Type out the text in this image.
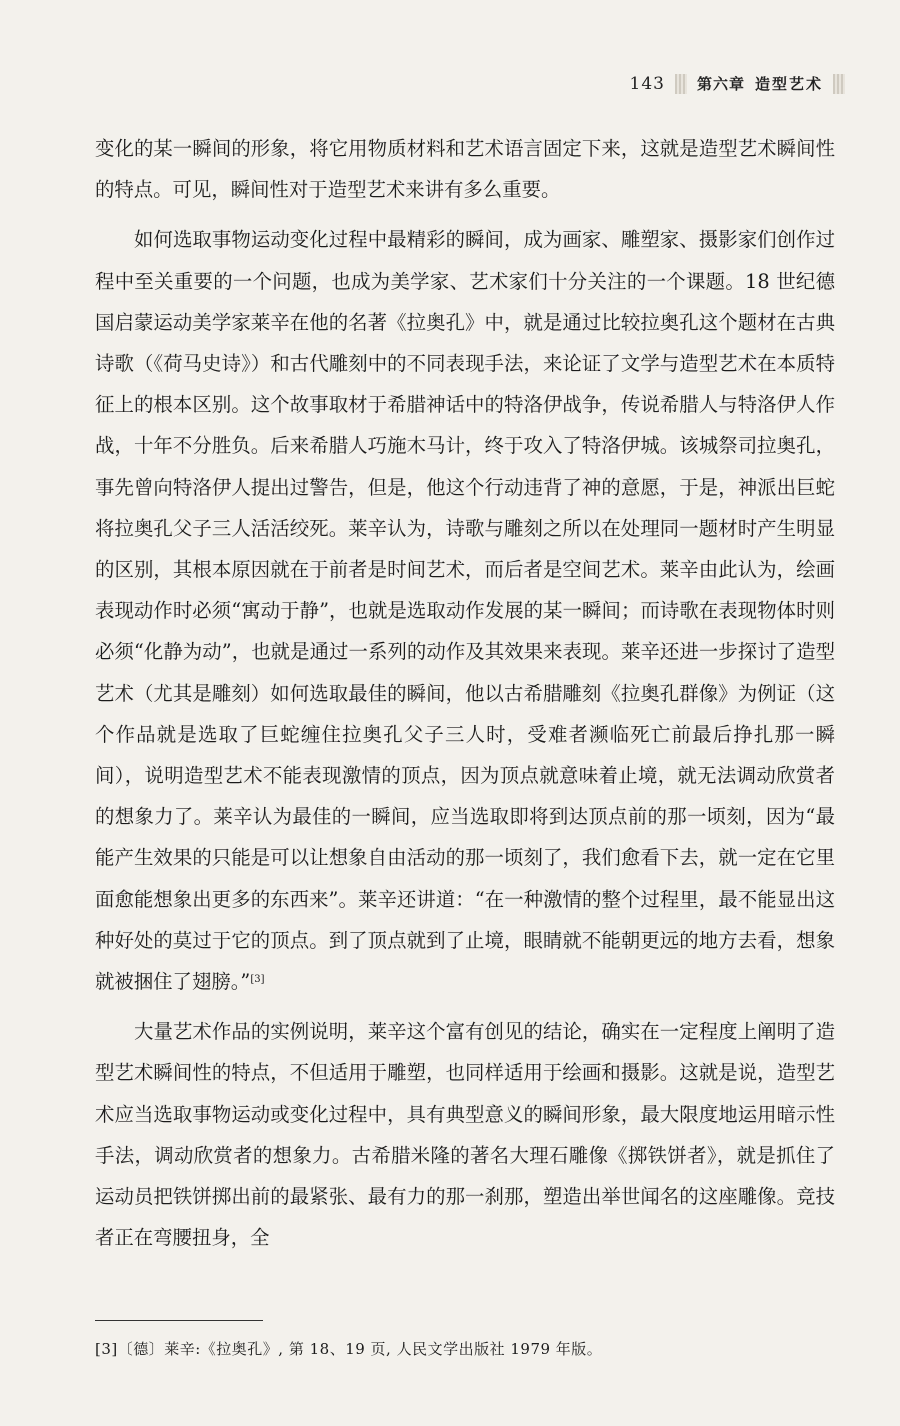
143 第六章 造型艺术

变化的某一瞬间的形象，将它用物质材料和艺术语言固定下来，这就是造型艺术瞬间性的特点。可见，瞬间性对于造型艺术来讲有多么重要。

如何选取事物运动变化过程中最精彩的瞬间，成为画家、雕塑家、摄影家们创作过程中至关重要的一个问题，也成为美学家、艺术家们十分关注的一个课题。18 世纪德国启蒙运动美学家莱辛在他的名著《拉奥孔》中，就是通过比较拉奥孔这个题材在古典诗歌（《荷马史诗》）和古代雕刻中的不同表现手法，来论证了文学与造型艺术在本质特征上的根本区别。这个故事取材于希腊神话中的特洛伊战争，传说希腊人与特洛伊人作战，十年不分胜负。后来希腊人巧施木马计，终于攻入了特洛伊城。该城祭司拉奥孔，事先曾向特洛伊人提出过警告，但是，他这个行动违背了神的意愿，于是，神派出巨蛇将拉奥孔父子三人活活绞死。莱辛认为，诗歌与雕刻之所以在处理同一题材时产生明显的区别，其根本原因就在于前者是时间艺术，而后者是空间艺术。莱辛由此认为，绘画表现动作时必须“寓动于静”，也就是选取动作发展的某一瞬间；而诗歌在表现物体时则必须“化静为动”，也就是通过一系列的动作及其效果来表现。莱辛还进一步探讨了造型艺术（尤其是雕刻）如何选取最佳的瞬间，他以古希腊雕刻《拉奥孔群像》为例证（这个作品就是选取了巨蛇缠住拉奥孔父子三人时，受难者濒临死亡前最后挣扎那一瞬间），说明造型艺术不能表现激情的顶点，因为顶点就意味着止境，就无法调动欣赏者的想象力了。莱辛认为最佳的一瞬间，应当选取即将到达顶点前的那一顷刻，因为“最能产生效果的只能是可以让想象自由活动的那一顷刻了，我们愈看下去，就一定在它里面愈能想象出更多的东西来”。莱辛还讲道：“在一种激情的整个过程里，最不能显出这种好处的莫过于它的顶点。到了顶点就到了止境，眼睛就不能朝更远的地方去看，想象就被捆住了翅膀。”[3]

大量艺术作品的实例说明，莱辛这个富有创见的结论，确实在一定程度上阐明了造型艺术瞬间性的特点，不但适用于雕塑，也同样适用于绘画和摄影。这就是说，造型艺术应当选取事物运动或变化过程中，具有典型意义的瞬间形象，最大限度地运用暗示性手法，调动欣赏者的想象力。古希腊米隆的著名大理石雕像《掷铁饼者》，就是抓住了运动员把铁饼掷出前的最紧张、最有力的那一刹那，塑造出举世闻名的这座雕像。竞技者正在弯腰扭身，全

[3]〔德〕莱辛:《拉奥孔》, 第 18、19 页, 人民文学出版社 1979 年版。
